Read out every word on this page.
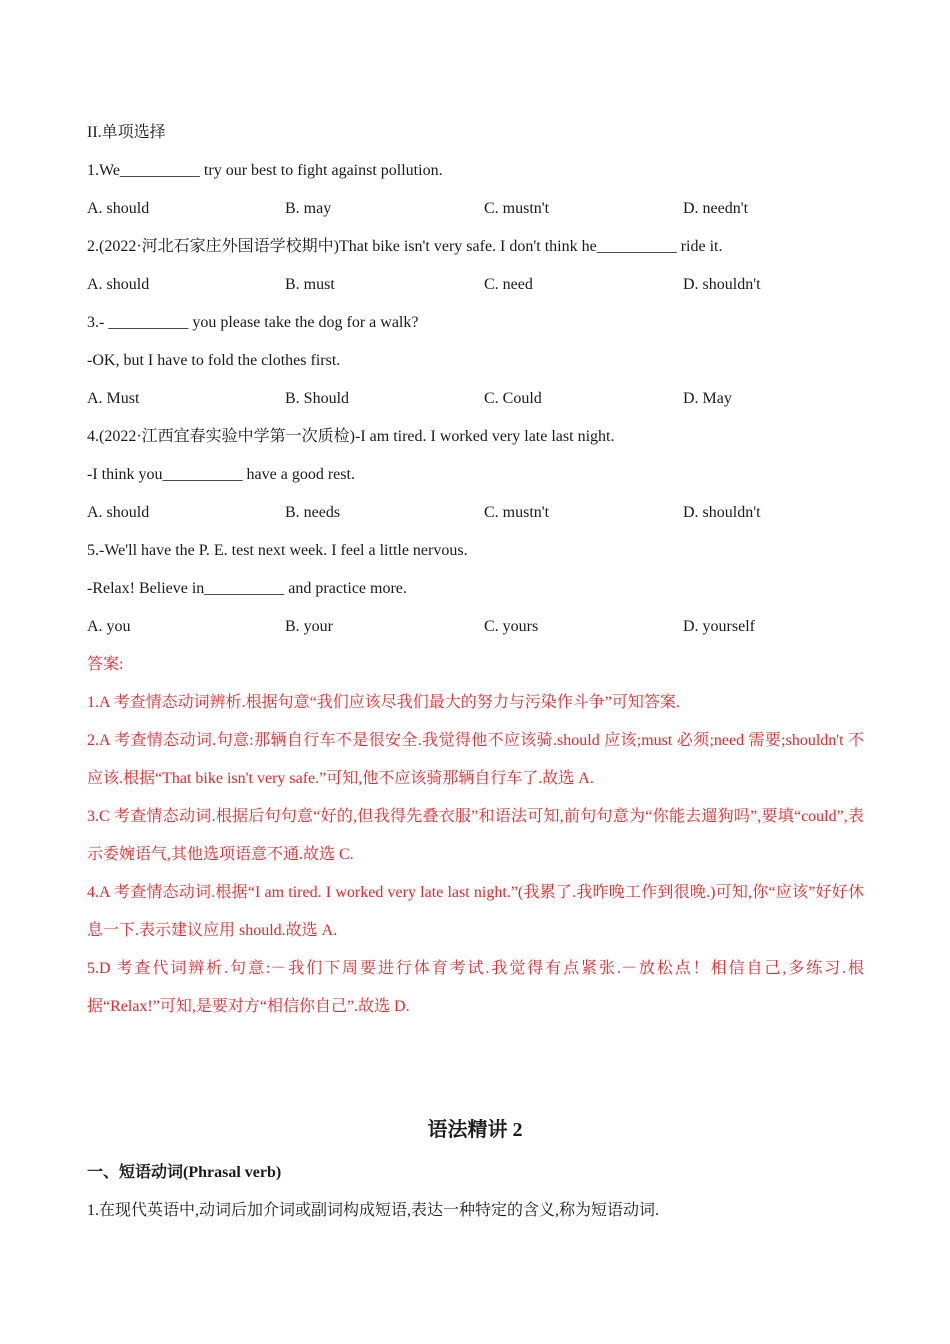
II.单项选择
1.We__________ try our best to fight against pollution.
A. should	B. may	C. mustn't	D. needn't
2.(2022·河北石家庄外国语学校期中)That bike isn't very safe. I don't think he__________ ride it.
A. should	B. must	C. need	D. shouldn't
3.- __________ you please take the dog for a walk?
-OK, but I have to fold the clothes first.
A. Must	B. Should	C. Could	D. May
4.(2022·江西宜春实验中学第一次质检)-I am tired. I worked very late last night.
-I think you__________ have a good rest.
A. should	B. needs	C. mustn't	D. shouldn't
5.-We'll have the P. E. test next week. I feel a little nervous.
-Relax! Believe in__________ and practice more.
A. you	B. your	C. yours	D. yourself
答案:
1.A 考查情态动词辨析.根据句意“我们应该尽我们最大的努力与污染作斗争”可知答案.
2.A 考查情态动词.句意:那辆自行车不是很安全.我觉得他不应该骑.should 应该;must 必须;need 需要;shouldn't 不应该.根据“That bike isn't very safe.”可知,他不应该骑那辆自行车了.故选 A.
3.C 考查情态动词.根据后句句意“好的,但我得先叠衣服”和语法可知,前句句意为“你能去遛狗吗”,要填“could”,表示委婉语气,其他选项语意不通.故选 C.
4.A 考查情态动词.根据“I am tired. I worked very late last night.”(我累了.我昨晚工作到很晚.)可知,你“应该”好好休息一下.表示建议应用 should.故选 A.
5.D 考查代词辨析.句意:－我们下周要进行体育考试.我觉得有点紧张.－放松点！相信自己,多练习.根据“Relax!”可知,是要对方“相信你自己”.故选 D.
语法精讲 2
一、短语动词(Phrasal verb)
1.在现代英语中,动词后加介词或副词构成短语,表达一种特定的含义,称为短语动词.
